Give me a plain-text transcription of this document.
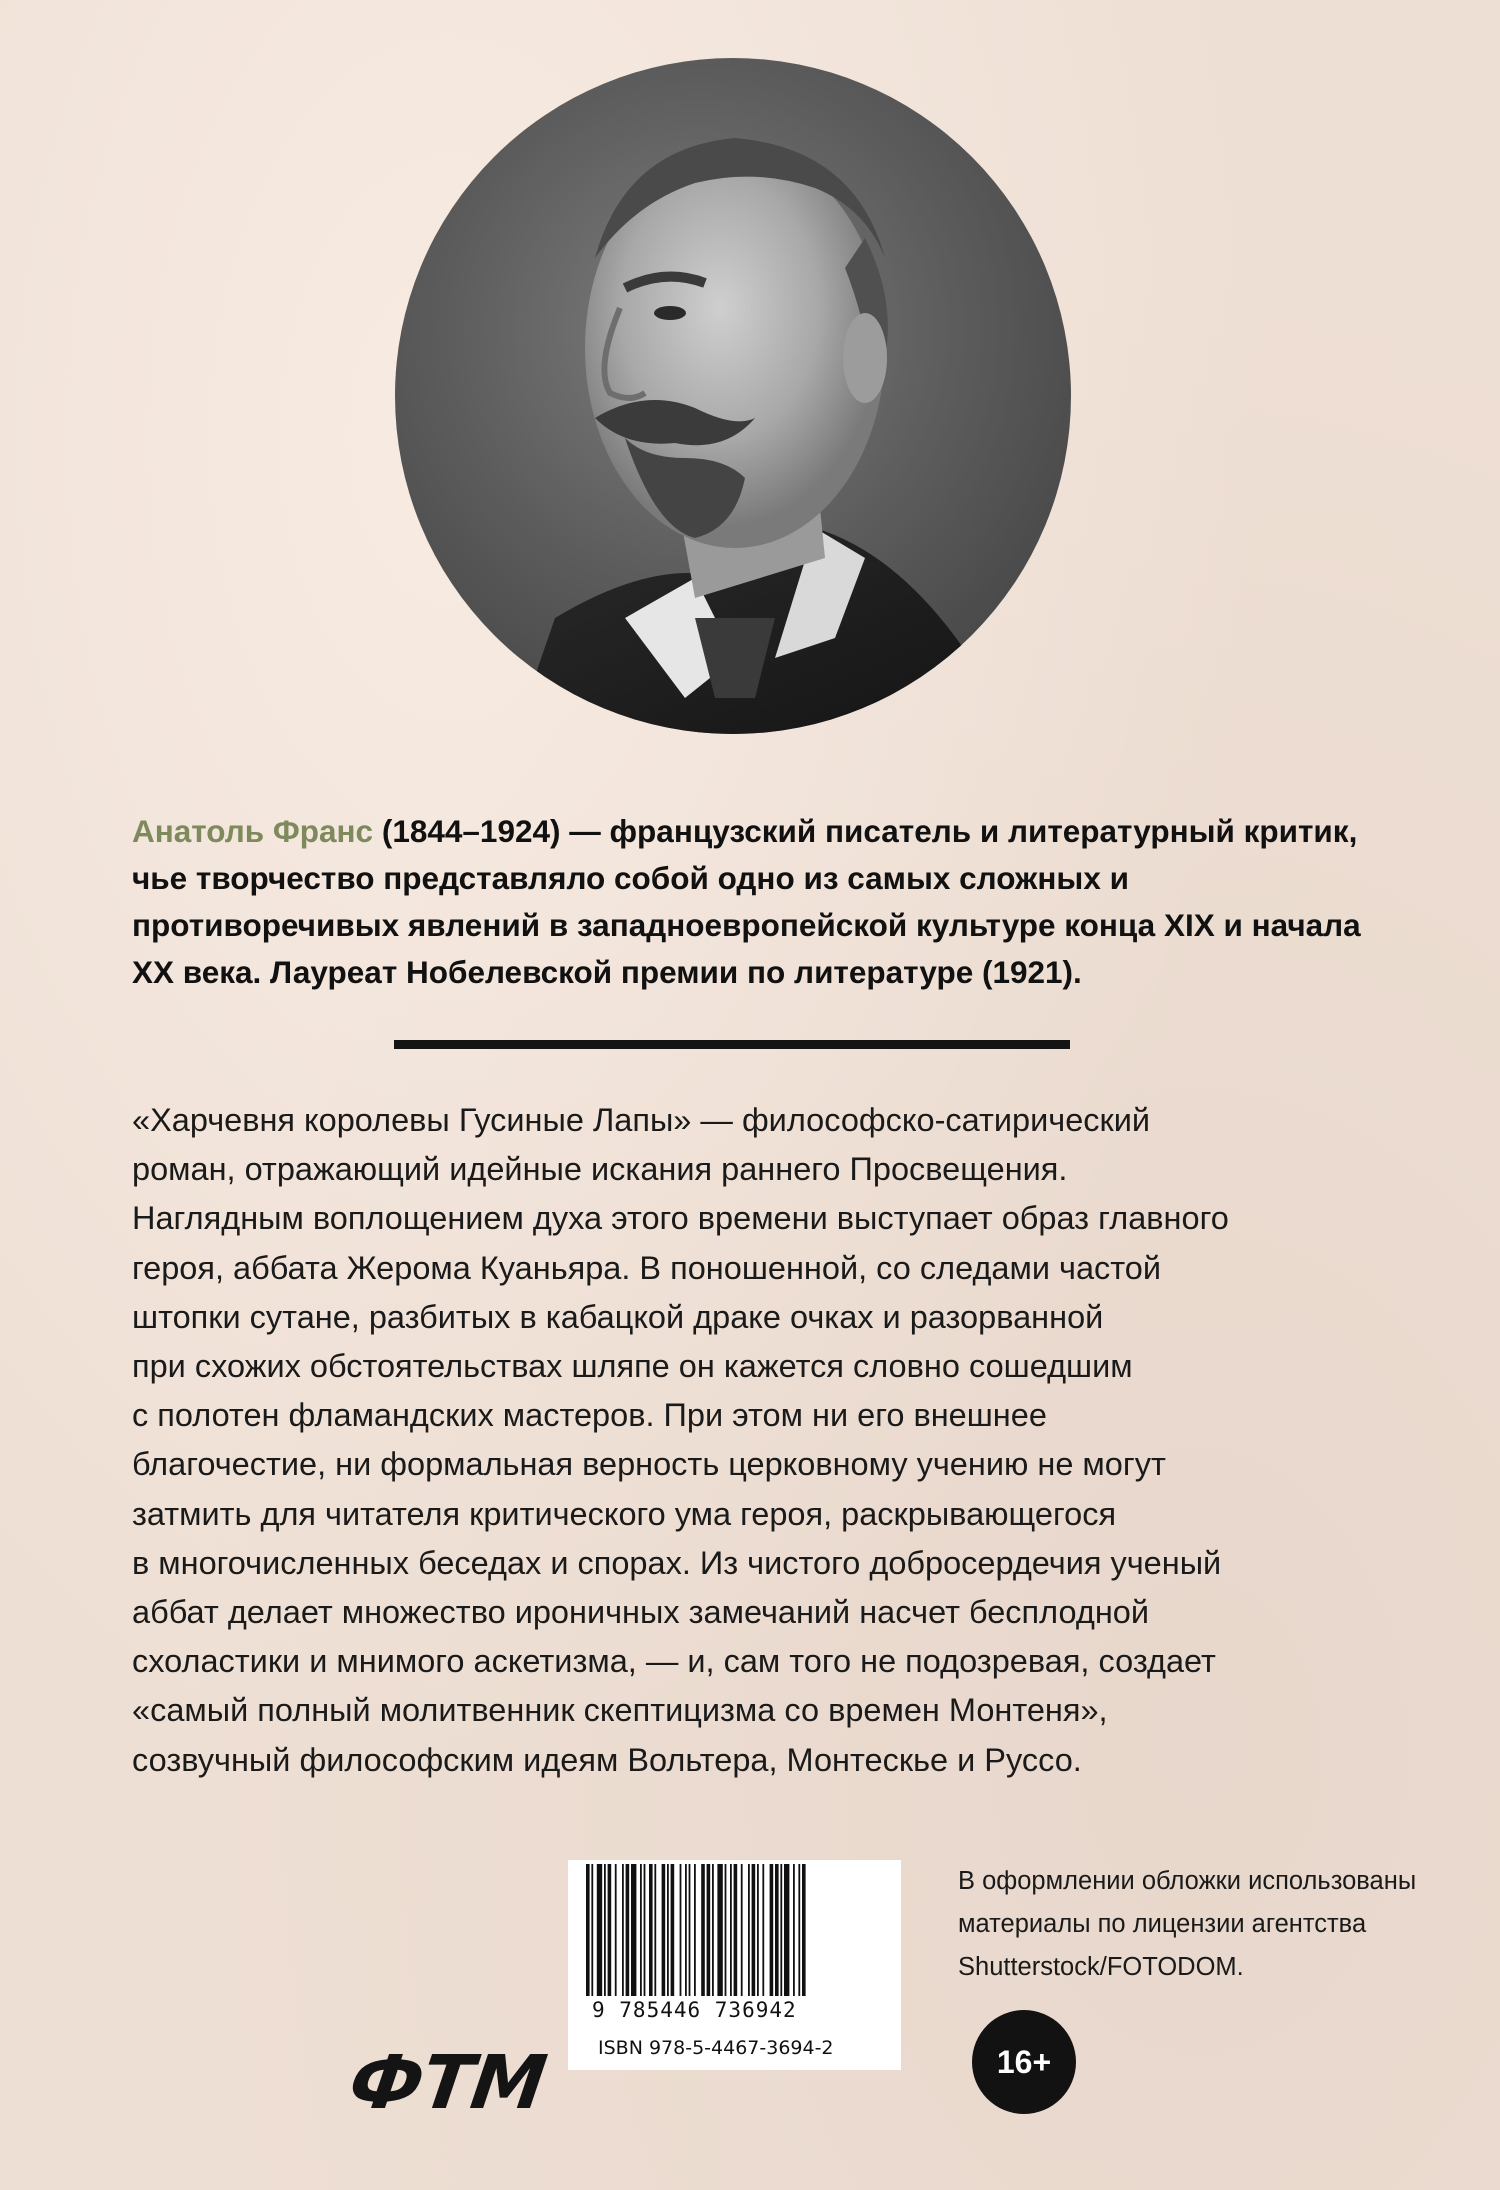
Анатоль Франс (1844–1924) — французский писатель и литературный критик, чье творчество представляло собой одно из самых сложных и противоречивых явлений в западноевропейской культуре конца XIX и начала XX века. Лауреат Нобелевской премии по литературе (1921).
«Харчевня королевы Гусиные Лапы» — философско-сатирический
роман, отражающий идейные искания раннего Просвещения.
Наглядным воплощением духа этого времени выступает образ главного
героя, аббата Жерома Куаньяра. В поношенной, со следами частой
штопки сутане, разбитых в кабацкой драке очках и разорванной
при схожих обстоятельствах шляпе он кажется словно сошедшим
с полотен фламандских мастеров. При этом ни его внешнее
благочестие, ни формальная верность церковному учению не могут
затмить для читателя критического ума героя, раскрывающегося
в многочисленных беседах и спорах. Из чистого добросердечия ученый
аббат делает множество ироничных замечаний насчет бесплодной
схоластики и мнимого аскетизма, — и, сам того не подозревая, создает
«самый полный молитвенник скептицизма со времен Монтеня»,
созвучный философским идеям Вольтера, Монтескье и Руссо.
9 785446 736942
ISBN 978-5-4467-3694-2
В оформлении обложки использованы
материалы по лицензии агентства
Shutterstock/FOTODOM.
16+
ФТМ
